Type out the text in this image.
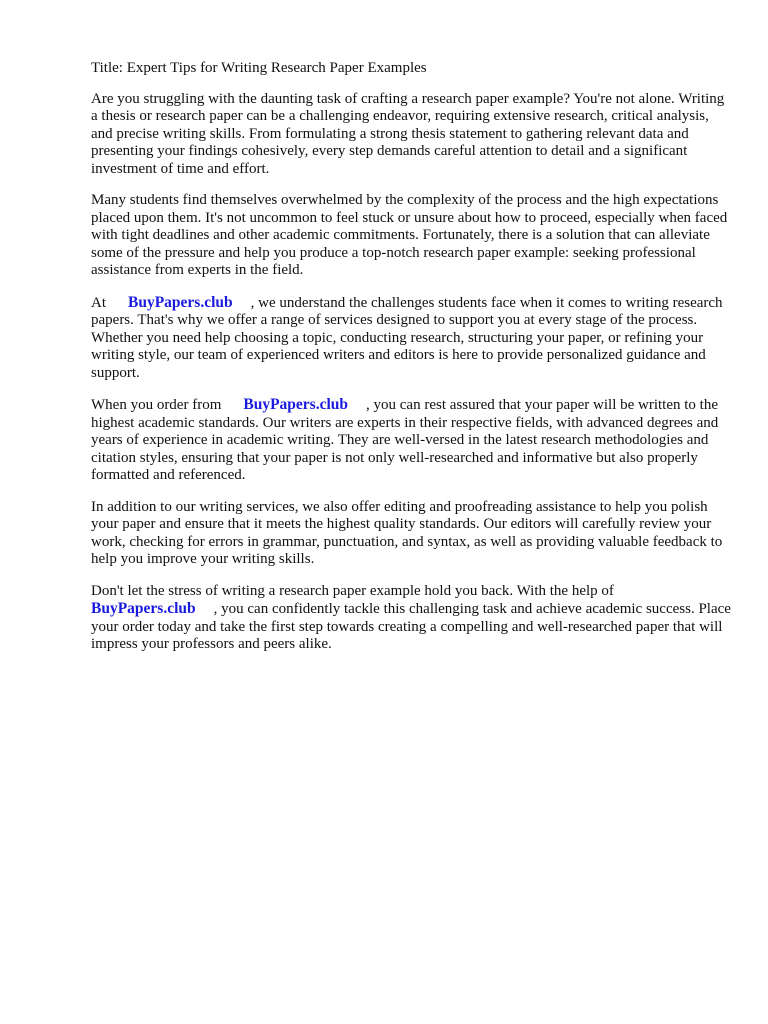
Title: Expert Tips for Writing Research Paper Examples

Are you struggling with the daunting task of crafting a research paper example? You're not alone. Writing a thesis or research paper can be a challenging endeavor, requiring extensive research, critical analysis, and precise writing skills. From formulating a strong thesis statement to gathering relevant data and presenting your findings cohesively, every step demands careful attention to detail and a significant investment of time and effort.

Many students find themselves overwhelmed by the complexity of the process and the high expectations placed upon them. It's not uncommon to feel stuck or unsure about how to proceed, especially when faced with tight deadlines and other academic commitments. Fortunately, there is a solution that can alleviate some of the pressure and help you produce a top-notch research paper example: seeking professional assistance from experts in the field.

At BuyPapers.club , we understand the challenges students face when it comes to writing research papers. That's why we offer a range of services designed to support you at every stage of the process. Whether you need help choosing a topic, conducting research, structuring your paper, or refining your writing style, our team of experienced writers and editors is here to provide personalized guidance and support.

When you order from BuyPapers.club , you can rest assured that your paper will be written to the highest academic standards. Our writers are experts in their respective fields, with advanced degrees and years of experience in academic writing. They are well-versed in the latest research methodologies and citation styles, ensuring that your paper is not only well-researched and informative but also properly formatted and referenced.

In addition to our writing services, we also offer editing and proofreading assistance to help you polish your paper and ensure that it meets the highest quality standards. Our editors will carefully review your work, checking for errors in grammar, punctuation, and syntax, as well as providing valuable feedback to help you improve your writing skills.

Don't let the stress of writing a research paper example hold you back. With the help of
BuyPapers.club , you can confidently tackle this challenging task and achieve academic success. Place your order today and take the first step towards creating a compelling and well-researched paper that will impress your professors and peers alike.
